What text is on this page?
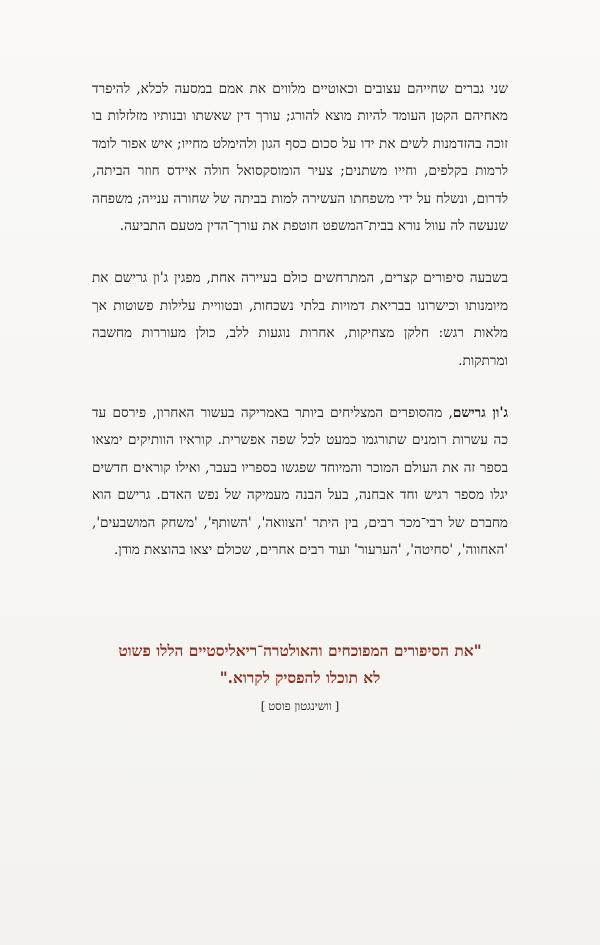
שני גברים שחייהם עצובים וכאוטיים מלווים את אמם במסעה לכלא, להיפרד מאחיהם הקטן העומד להיות מוצא להורג; עורך דין שאשתו ובנותיו מזלזלות בו זוכה בהזדמנות לשים את ידו על סכום כסף הגון ולהימלט מחייו; איש אפור לומד לרמות בקלפים, וחייו משתנים; צעיר הומוסקסואל חולה איידס חוזר הביתה, לדרום, ונשלח על ידי משפחתו העשירה למות בביתה של שחורה ענייה; משפחה שנעשה לה עוול נורא בבית־המשפט חוטפת את עורך־הדין מטעם התביעה.

בשבעה סיפורים קצרים, המתרחשים כולם בעיירה אחת, מפגין ג'ון גרישם את מיומנותו וכישרונו בבריאת דמויות בלתי נשכחות, ובטוויית עלילות פשוטות אך מלאות רגש: חלקן מצחיקות, אחרות נוגעות ללב, כולן מעוררות מחשבה ומרתקות.

ג'ון גרישם, מהסופרים המצליחים ביותר באמריקה בעשור האחרון, פירסם עד כה עשרות רומנים שתורגמו כמעט לכל שפה אפשרית. קוראיו הוותיקים ימצאו בספר זה את העולם המוכר והמיוחד שפגשו בספריו בעבר, ואילו קוראים חדשים יגלו מספר רגיש וחד אבחנה, בעל הבנה מעמיקה של נפש האדם. גרישם הוא מחברם של רבי־מכר רבים, בין היתר 'הצוואה', 'השותף', 'משחק המושבעים', 'האחווה', 'סחיטה', 'הערעור' ועוד רבים אחרים, שכולם יצאו בהוצאת מודן.

"את הסיפורים המפוכחים והאולטרה־ריאליסטיים הללו פשוט
לא תוכלו להפסיק לקרוא."
[וושינגטון פוסט]
